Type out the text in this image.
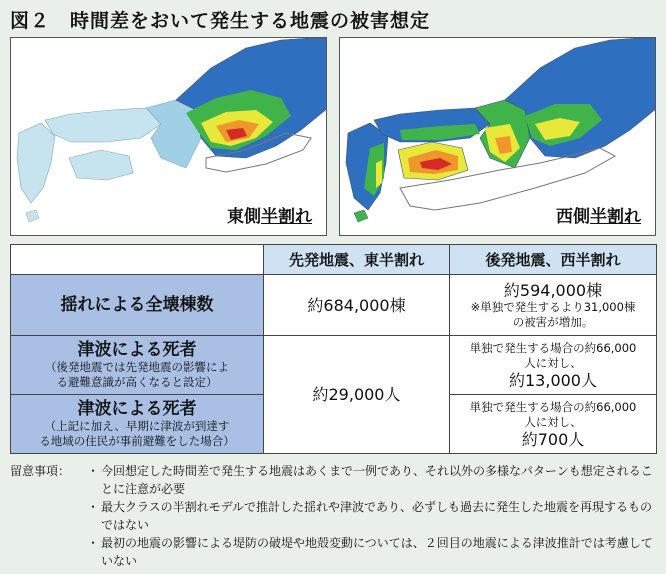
図２　時間差をおいて発生する地震の被害想定
東側半割れ	西側半割れ
	先発地震、東半割れ	後発地震、西半割れ

揺れによる全壊棟数	約684,000棟	約594,000棟
※単独で発生するより31,000棟
の被害が増加。

津波による死者
（後発地震では先発地震の影響によ
る避難意識が高くなると設定）	約29,000人	単独で発生する場合の約66,000
人に対し、
約13,000人

津波による死者
（上記に加え、早期に津波が到達す
る地域の住民が事前避難をした場合）		単独で発生する場合の約66,000
人に対し、
約700人
留意事項：	・ 今回想定した時間差で発生する地震はあくまで一例であり、それ以外の多様なパターンも想定されることに注意が必要
・ 最大クラスの半割れモデルで推計した揺れや津波であり、必ずしも過去に発生した地震を再現するものではない
・ 最初の地震の影響による堤防の破堤や地殻変動については、２回目の地震による津波推計では考慮していない
